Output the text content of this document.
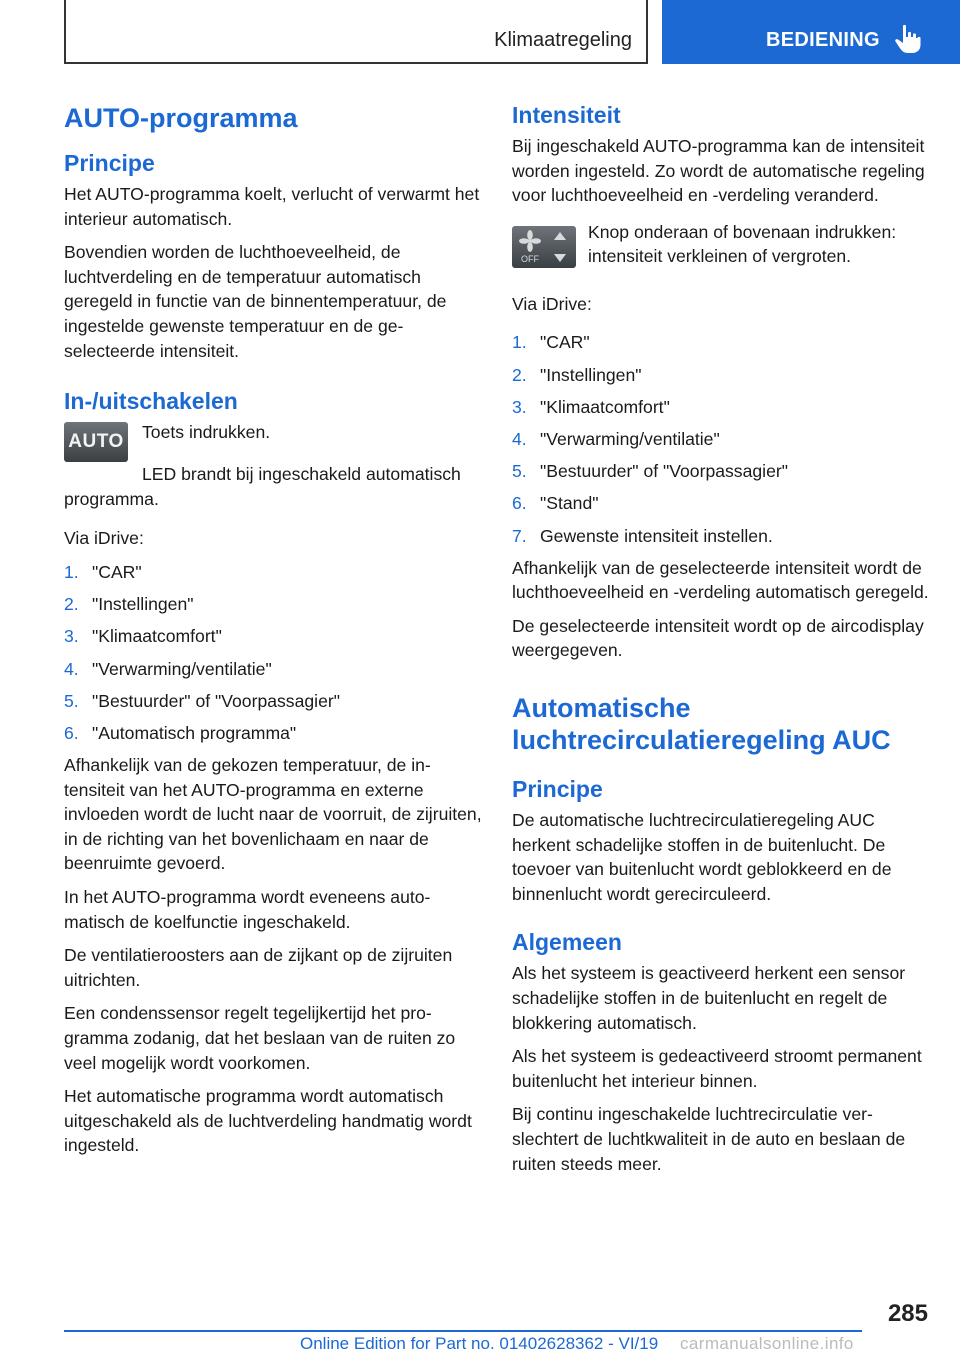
Klimaatregeling	BEDIENING
AUTO-programma
Principe

Het AUTO-programma koelt, verlucht of verwarmt het interieur automatisch.

Bovendien worden de luchthoeveelheid, de luchtverdeling en de temperatuur automatisch geregeld in functie van de binnentemperatuur, de ingestelde gewenste temperatuur en de geselecteerde intensiteit.

In-/uitschakelen
AUTO Toets indrukken.

LED brandt bij ingeschakeld automatisch programma.

Via iDrive:

1. "CAR"
2. "Instellingen"
3. "Klimaatcomfort"
4. "Verwarming/ventilatie"
5. "Bestuurder" of "Voorpassagier"
6. "Automatisch programma"

Afhankelijk van de gekozen temperatuur, de intensiteit van het AUTO-programma en externe invloeden wordt de lucht naar de voorruit, de zijruiten, in de richting van het bovenlichaam en naar de beenruimte gevoerd.

In het AUTO-programma wordt eveneens automatisch de koelfunctie ingeschakeld.

De ventilatieroosters aan de zijkant op de zijruiten uitrichten.

Een condenssensor regelt tegelijkertijd het programma zodanig, dat het beslaan van de ruiten zo veel mogelijk wordt voorkomen.

Het automatische programma wordt automatisch uitgeschakeld als de luchtverdeling handmatig wordt ingesteld.

Intensiteit

Bij ingeschakeld AUTO-programma kan de intensiteit worden ingesteld. Zo wordt de automatische regeling voor luchthoeveelheid en -verdeling veranderd.

OFF

Knop onderaan of bovenaan indrukken: intensiteit verkleinen of vergroten.

Via iDrive:

1. "CAR"
2. "Instellingen"
3. "Klimaatcomfort"
4. "Verwarming/ventilatie"
5. "Bestuurder" of "Voorpassagier"
6. "Stand"
7. Gewenste intensiteit instellen.

Afhankelijk van de geselecteerde intensiteit wordt de luchthoeveelheid en -verdeling automatisch geregeld.

De geselecteerde intensiteit wordt op de aircodisplay weergegeven.

Automatische
luchtrecirculatieregeling AUC
Principe

De automatische luchtrecirculatieregeling AUC herkent schadelijke stoffen in de buitenlucht. De toevoer van buitenlucht wordt geblokkeerd en de binnenlucht wordt gerecirculeerd.

Algemeen

Als het systeem is geactiveerd herkent een sensor schadelijke stoffen in de buitenlucht en regelt de blokkering automatisch.

Als het systeem is gedeactiveerd stroomt permanent buitenlucht het interieur binnen.

Bij continu ingeschakelde luchtrecirculatie verslechtert de luchtkwaliteit in de auto en beslaan de ruiten steeds meer.

285
Online Edition for Part no. 01402628362 - VI/19 carmanualsonline.info
